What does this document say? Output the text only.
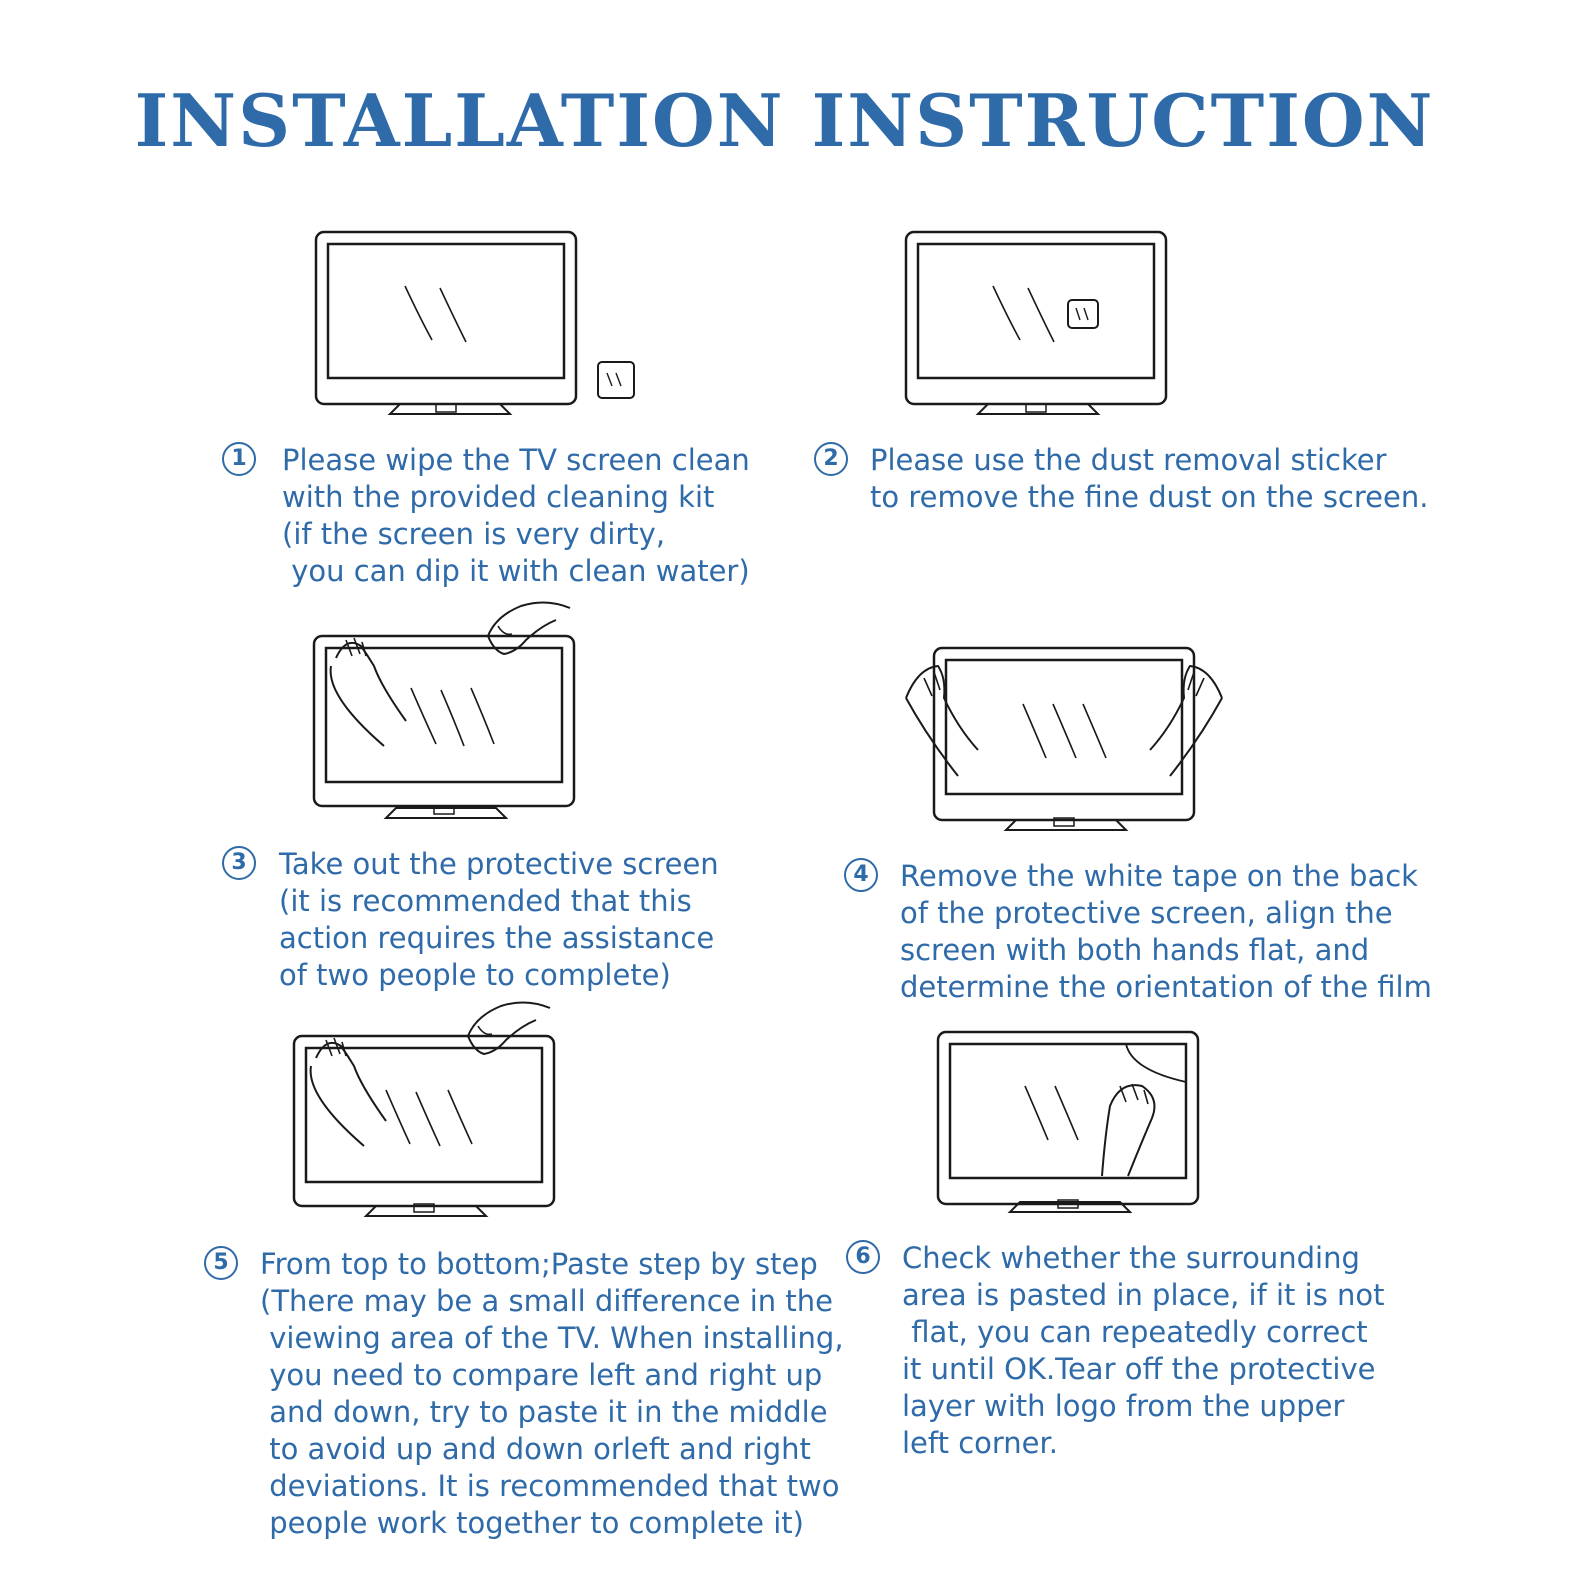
INSTALLATION INSTRUCTION
1	Please wipe the TV screen clean
with the provided cleaning kit
(if the screen is very dirty,
you can dip it with clean water)
2	Please use the dust removal sticker
to remove the fine dust on the screen.
3	Take out the protective screen
(it is recommended that this
action requires the assistance
of two people to complete)
4	Remove the white tape on the back
of the protective screen, align the
screen with both hands flat, and
determine the orientation of the film
5	From top to bottom;Paste step by step
(There may be a small difference in the
viewing area of the TV. When installing,
you need to compare left and right up
and down, try to paste it in the middle
to avoid up and down orleft and right
deviations. It is recommended that two
people work together to complete it)
6	Check whether the surrounding
area is pasted in place, if it is not
flat, you can repeatedly correct
it until OK.Tear off the protective
layer with logo from the upper
left corner.
